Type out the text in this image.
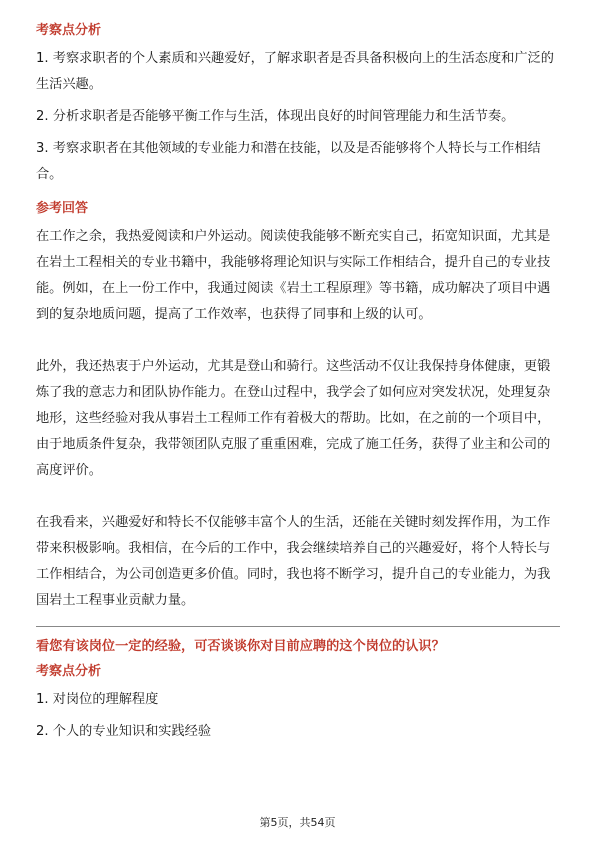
考察点分析

1. 考察求职者的个人素质和兴趣爱好，了解求职者是否具备积极向上的生活态度和广泛的生活兴趣。

2. 分析求职者是否能够平衡工作与生活，体现出良好的时间管理能力和生活节奏。

3. 考察求职者在其他领域的专业能力和潜在技能，以及是否能够将个人特长与工作相结合。

参考回答

在工作之余，我热爱阅读和户外运动。阅读使我能够不断充实自己，拓宽知识面，尤其是在岩土工程相关的专业书籍中，我能够将理论知识与实际工作相结合，提升自己的专业技能。例如，在上一份工作中，我通过阅读《岩土工程原理》等书籍，成功解决了项目中遇到的复杂地质问题，提高了工作效率，也获得了同事和上级的认可。

此外，我还热衷于户外运动，尤其是登山和骑行。这些活动不仅让我保持身体健康，更锻炼了我的意志力和团队协作能力。在登山过程中，我学会了如何应对突发状况，处理复杂地形，这些经验对我从事岩土工程师工作有着极大的帮助。比如，在之前的一个项目中，由于地质条件复杂，我带领团队克服了重重困难，完成了施工任务，获得了业主和公司的高度评价。

在我看来，兴趣爱好和特长不仅能够丰富个人的生活，还能在关键时刻发挥作用，为工作带来积极影响。我相信，在今后的工作中，我会继续培养自己的兴趣爱好，将个人特长与工作相结合，为公司创造更多价值。同时，我也将不断学习，提升自己的专业能力，为我国岩土工程事业贡献力量。

看您有该岗位一定的经验，可否谈谈你对目前应聘的这个岗位的认识？
考察点分析

1. 对岗位的理解程度

2. 个人的专业知识和实践经验

第5页，共54页
